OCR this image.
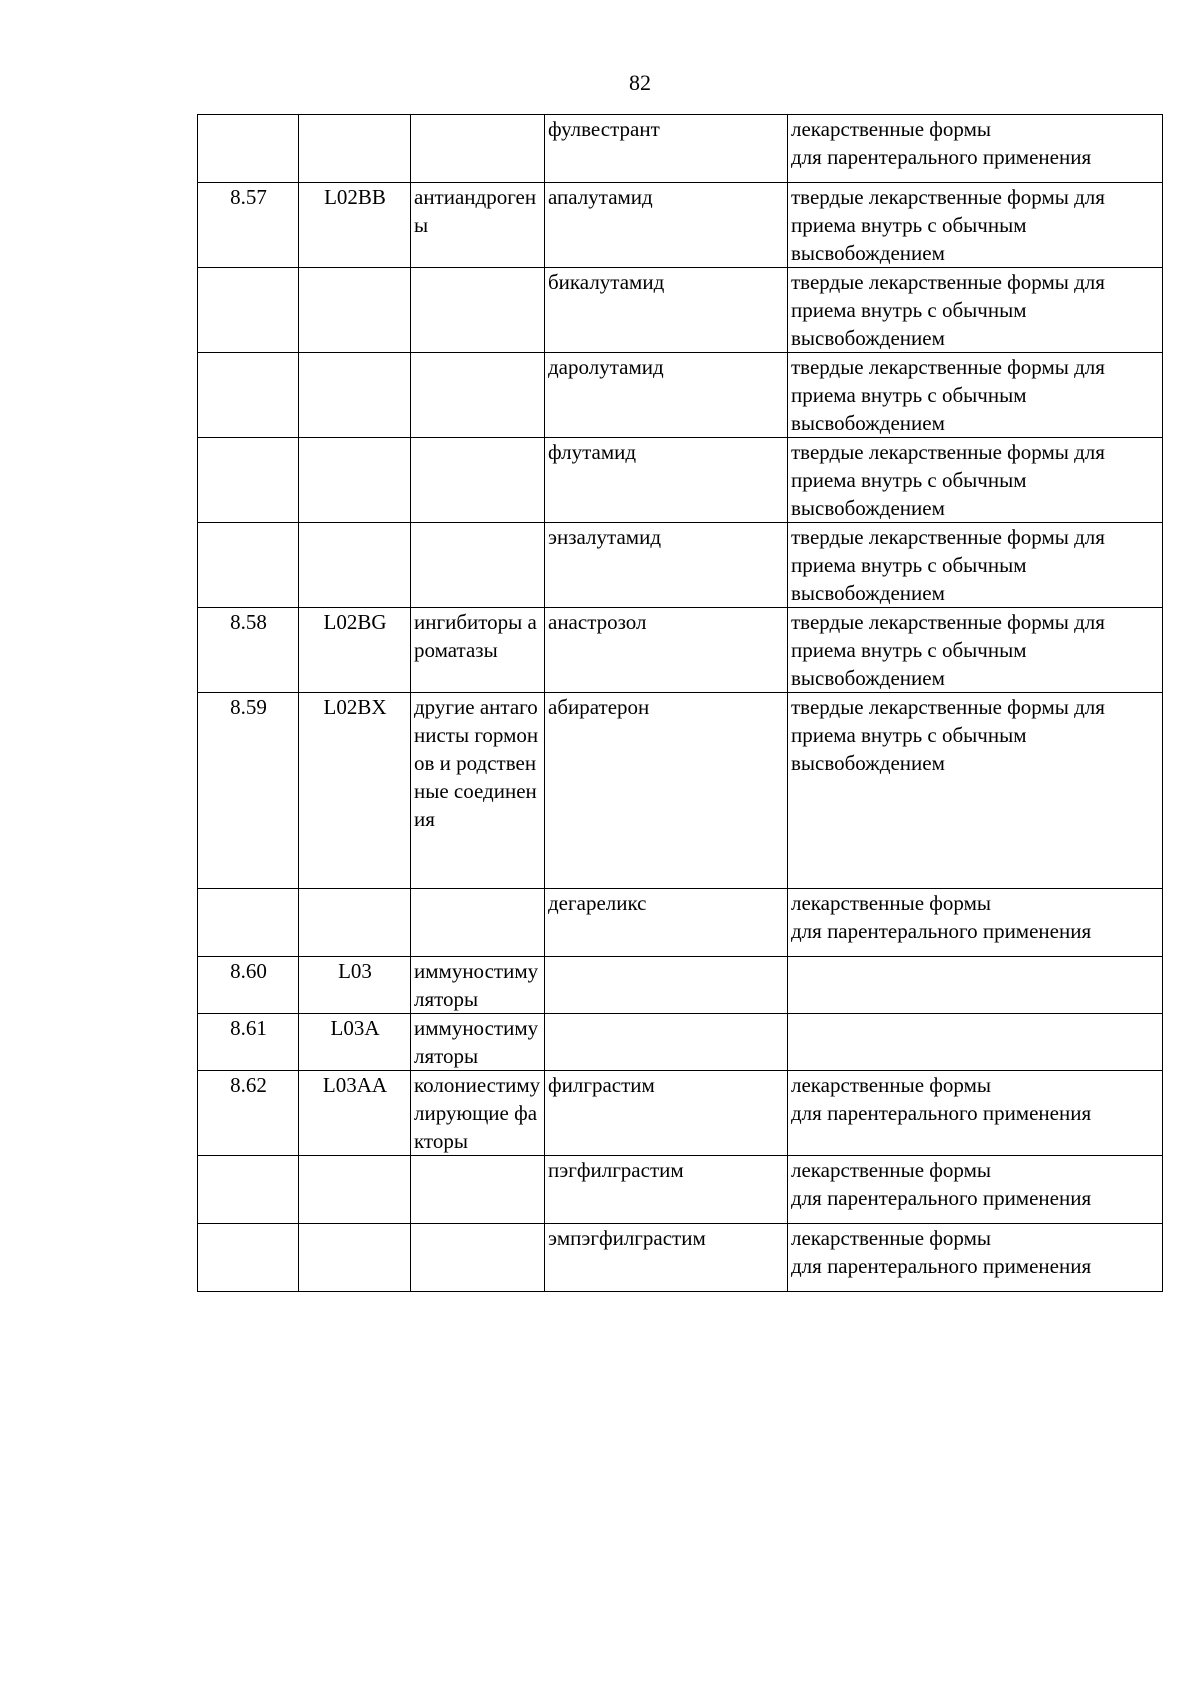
82
			фулвестрант	лекарственные формы
для парентерального применения
8.57	L02BB	антиандрогены	апалутамид	твердые лекарственные формы для приема внутрь с обычным высвобождением
			бикалутамид	твердые лекарственные формы для приема внутрь с обычным высвобождением
			даролутамид	твердые лекарственные формы для приема внутрь с обычным высвобождением
			флутамид	твердые лекарственные формы для приема внутрь с обычным высвобождением
			энзалутамид	твердые лекарственные формы для приема внутрь с обычным высвобождением
8.58	L02BG	ингибиторы ароматазы	анастрозол	твердые лекарственные формы для приема внутрь с обычным высвобождением
8.59	L02BX	другие антагонисты гормонов и родственные соединения	абиратерон	твердые лекарственные формы для приема внутрь с обычным высвобождением
			дегареликс	лекарственные формы
для парентерального применения
8.60	L03	иммуностимуляторы		
8.61	L03A	иммуностимуляторы		
8.62	L03AA	колониестимулирующие факторы	филграстим	лекарственные формы
для парентерального применения
			пэгфилграстим	лекарственные формы
для парентерального применения
			эмпэгфилграстим	лекарственные формы
для парентерального применения
